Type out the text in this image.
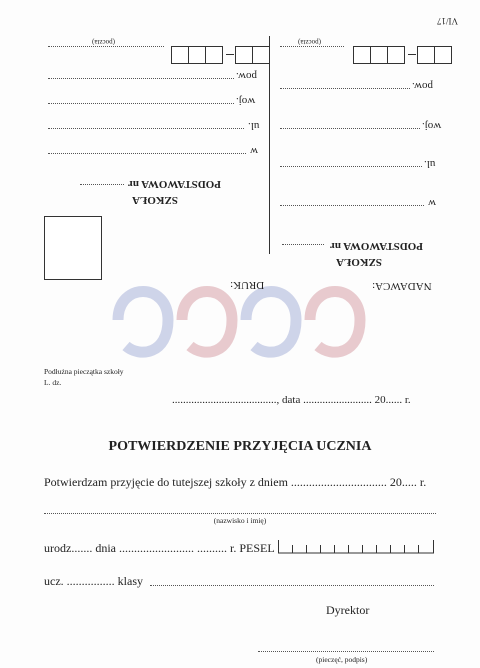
VI/17
(poczta)
pow.
woj.
ul.
w
PODSTAWOWA nr
SZKOŁA
DRUK:
(poczta)
pow.
woj.
ul.
w
PODSTAWOWA nr
SZKOŁA
NADAWCA:
Podłużna pieczątka szkoły
L. dz.
......................................, data ......................... 20...... r.
POTWIERDZENIE PRZYJĘCIA UCZNIA
Potwierdzam przyjęcie do tutejszej szkoły z dniem ................................ 20..... r.
(nazwisko i imię)
urodz....... dnia ......................... .......... r. PESEL
ucz. ................ klasy
Dyrektor
(pieczęć, podpis)
